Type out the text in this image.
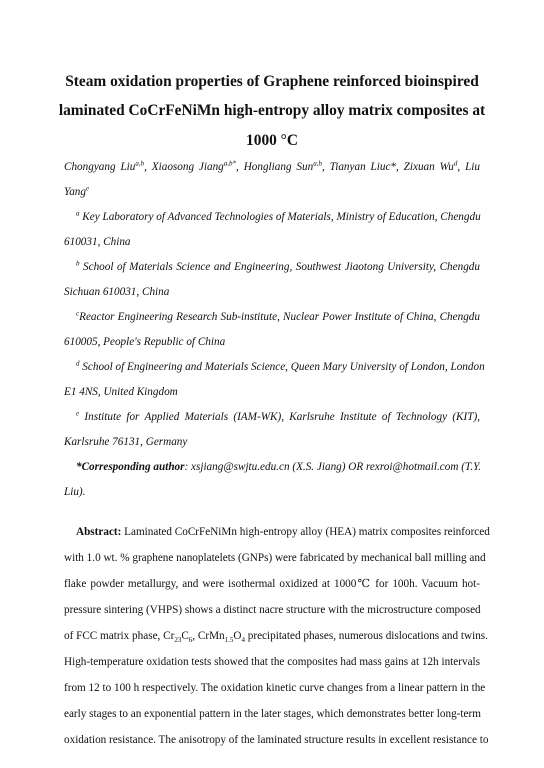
Steam oxidation properties of Graphene reinforced bioinspired
laminated CoCrFeNiMn high-entropy alloy matrix composites at
1000 °C
Chongyang Liu$^{a,b}$, Xiaosong Jiang$^{a,b*}$, Hongliang Sun$^{a,b}$, Tianyan Liuc*, Zixuan Wu$^d$, Liu
Yang$^e$
$^a$ Key Laboratory of Advanced Technologies of Materials, Ministry of Education, Chengdu
610031, China
$^b$ School of Materials Science and Engineering, Southwest Jiaotong University, Chengdu
Sichuan 610031, China
$^c$Reactor Engineering Research Sub-institute, Nuclear Power Institute of China, Chengdu
610005, People's Republic of China
$^d$ School of Engineering and Materials Science, Queen Mary University of London, London
E1 4NS, United Kingdom
$^e$ Institute for Applied Materials (IAM-WK), Karlsruhe Institute of Technology (KIT),
Karlsruhe 76131, Germany
*Corresponding author: xsjiang@swjtu.edu.cn (X.S. Jiang) OR rexroi@hotmail.com (T.Y.
Liu).
Abstract: Laminated CoCrFeNiMn high-entropy alloy (HEA) matrix composites reinforced
with 1.0 wt. % graphene nanoplatelets (GNPs) were fabricated by mechanical ball milling and
flake powder metallurgy, and were isothermal oxidized at 1000℃ for 100h. Vacuum hot-
pressure sintering (VHPS) shows a distinct nacre structure with the microstructure composed
of FCC matrix phase, $Cr_{23}C_6$, $CrMn_{1.5}O_4$ precipitated phases, numerous dislocations and twins.
High-temperature oxidation tests showed that the composites had mass gains at 12h intervals
from 12 to 100 h respectively. The oxidation kinetic curve changes from a linear pattern in the
early stages to an exponential pattern in the later stages, which demonstrates better long-term
oxidation resistance. The anisotropy of the laminated structure results in excellent resistance to
